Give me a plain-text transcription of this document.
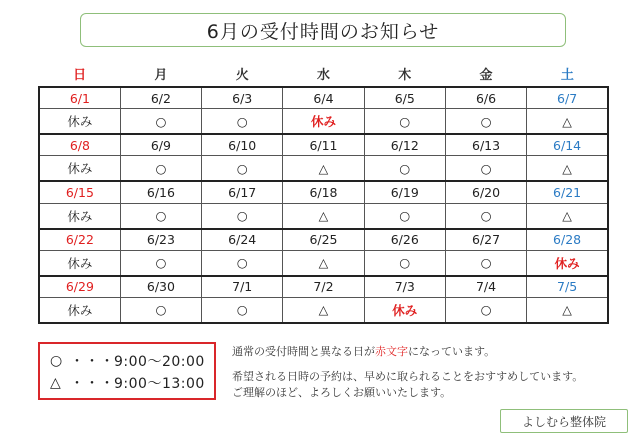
6月の受付時間のお知らせ
日	月	火	水	木	金	土
6/1	6/2	6/3	6/4	6/5	6/6	6/7
休み	○	○	休み	○	○	△
6/8	6/9	6/10	6/11	6/12	6/13	6/14
休み	○	○	△	○	○	△
6/15	6/16	6/17	6/18	6/19	6/20	6/21
休み	○	○	△	○	○	△
6/22	6/23	6/24	6/25	6/26	6/27	6/28
休み	○	○	△	○	○	休み
6/29	6/30	7/1	7/2	7/3	7/4	7/5
休み	○	○	△	休み	○	△
○ ・・・ 9:00〜20:00
△ ・・・ 9:00〜13:00

通常の受付時間と異なる日が赤文字になっています。

希望される日時の予約は、早めに取られることをおすすめしています。

ご理解のほど、よろしくお願いいたします。

よしむら整体院
